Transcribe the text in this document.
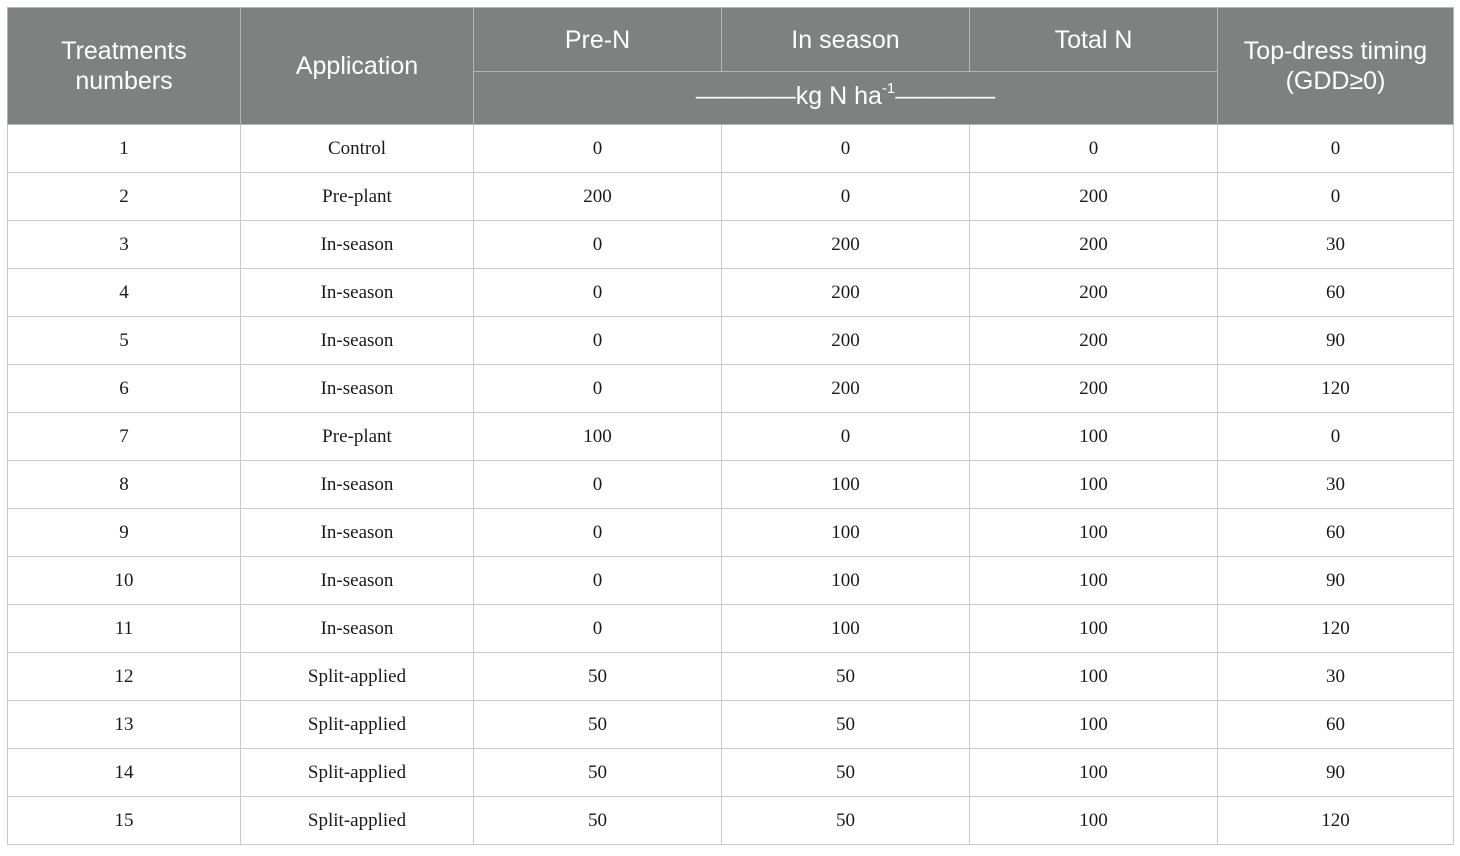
Treatments numbers	Application	Pre-N	In season	Total N	Top-dress timing (GDD≥0)
		————kg N $ha^{-1}————$			
1	Control	0	0	0	0
2	Pre-plant	200	0	200	0
3	In-season	0	200	200	30
4	In-season	0	200	200	60
5	In-season	0	200	200	90
6	In-season	0	200	200	120
7	Pre-plant	100	0	100	0
8	In-season	0	100	100	30
9	In-season	0	100	100	60
10	In-season	0	100	100	90
11	In-season	0	100	100	120
12	Split-applied	50	50	100	30
13	Split-applied	50	50	100	60
14	Split-applied	50	50	100	90
15	Split-applied	50	50	100	120
